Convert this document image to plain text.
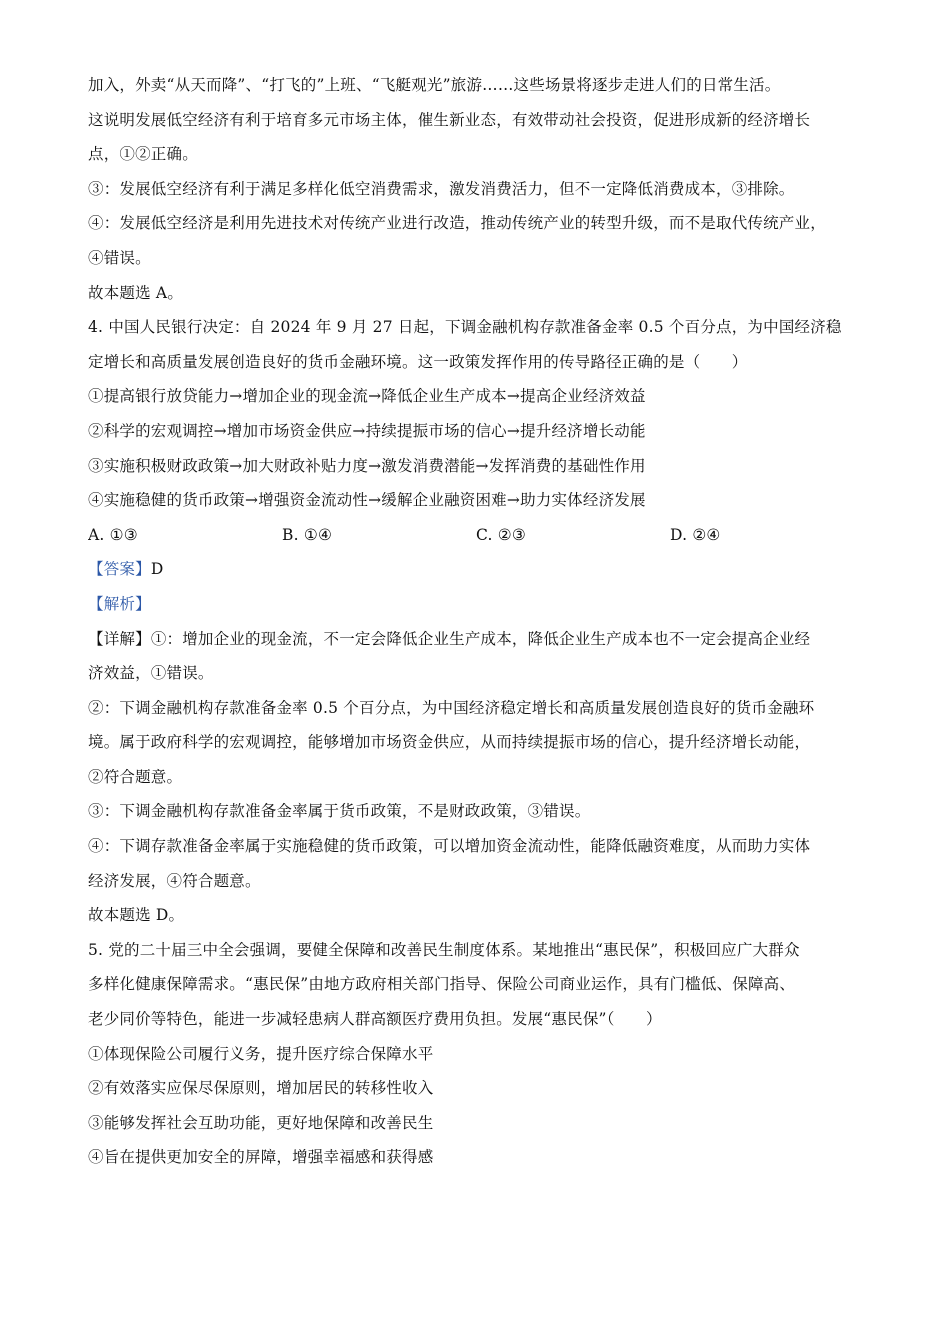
加入，外卖“从天而降”、“打飞的”上班、“飞艇观光”旅游……这些场景将逐步走进人们的日常生活。
这说明发展低空经济有利于培育多元市场主体，催生新业态，有效带动社会投资，促进形成新的经济增长
点，①②正确。
③：发展低空经济有利于满足多样化低空消费需求，激发消费活力，但不一定降低消费成本，③排除。
④：发展低空经济是利用先进技术对传统产业进行改造，推动传统产业的转型升级，而不是取代传统产业，
④错误。
故本题选 A。
4. 中国人民银行决定：自 2024 年 9 月 27 日起，下调金融机构存款准备金率 0.5 个百分点，为中国经济稳
定增长和高质量发展创造良好的货币金融环境。这一政策发挥作用的传导路径正确的是（　　）
①提高银行放贷能力→增加企业的现金流→降低企业生产成本→提高企业经济效益
②科学的宏观调控→增加市场资金供应→持续提振市场的信心→提升经济增长动能
③实施积极财政政策→加大财政补贴力度→激发消费潜能→发挥消费的基础性作用
④实施稳健的货币政策→增强资金流动性→缓解企业融资困难→助力实体经济发展
A. ①③	B. ①④	C. ②③	D. ②④
【答案】D
【解析】
【详解】①：增加企业的现金流，不一定会降低企业生产成本，降低企业生产成本也不一定会提高企业经
济效益，①错误。
②：下调金融机构存款准备金率 0.5 个百分点，为中国经济稳定增长和高质量发展创造良好的货币金融环
境。属于政府科学的宏观调控，能够增加市场资金供应，从而持续提振市场的信心，提升经济增长动能，
②符合题意。
③：下调金融机构存款准备金率属于货币政策，不是财政政策，③错误。
④：下调存款准备金率属于实施稳健的货币政策，可以增加资金流动性，能降低融资难度，从而助力实体
经济发展，④符合题意。
故本题选 D。
5. 党的二十届三中全会强调，要健全保障和改善民生制度体系。某地推出“惠民保”，积极回应广大群众
多样化健康保障需求。“惠民保”由地方政府相关部门指导、保险公司商业运作，具有门槛低、保障高、
老少同价等特色，能进一步减轻患病人群高额医疗费用负担。发展“惠民保”（　　）
①体现保险公司履行义务，提升医疗综合保障水平
②有效落实应保尽保原则，增加居民的转移性收入
③能够发挥社会互助功能，更好地保障和改善民生
④旨在提供更加安全的屏障，增强幸福感和获得感
